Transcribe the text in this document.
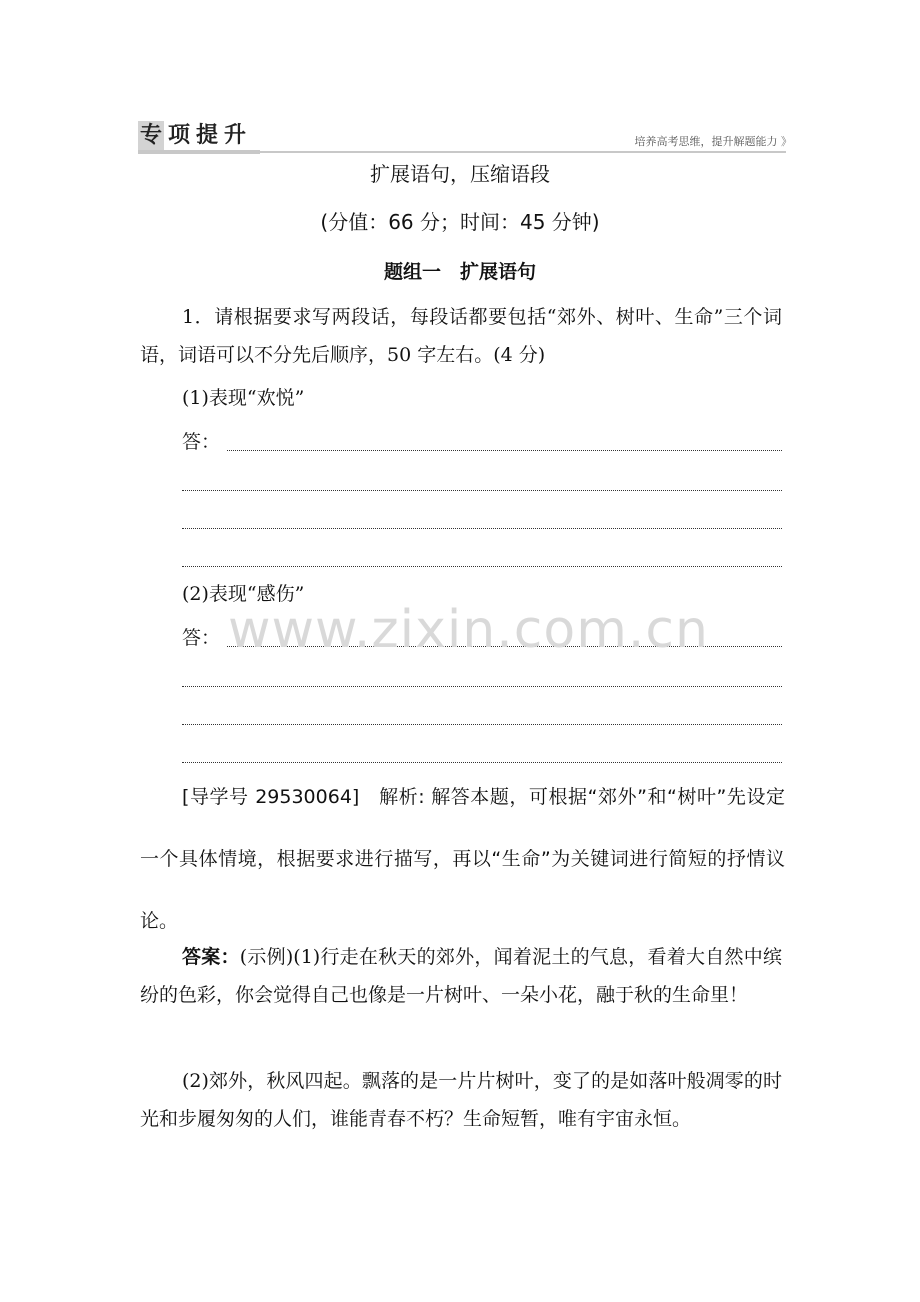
专 项提升	培养高考思维，提升解题能力 》
扩展语句，压缩语段
(分值：66 分；时间：45 分钟)
题组一　扩展语句
1．请根据要求写两段话，每段话都要包括“郊外、树叶、生命”三个词语，词语可以不分先后顺序，50 字左右。(4 分)
(1)表现“欢悦”
答：
(2)表现“感伤”
答： www.zixin.com.cn
[导学号 29530064] 解析: 解答本题，可根据“郊外”和“树叶”先设定一个具体情境，根据要求进行描写，再以“生命”为关键词进行简短的抒情议论。
答案：(示例)(1)行走在秋天的郊外，闻着泥土的气息，看着大自然中缤纷的色彩，你会觉得自己也像是一片树叶、一朵小花，融于秋的生命里！
(2)郊外，秋风四起。飘落的是一片片树叶，变了的是如落叶般凋零的时光和步履匆匆的人们，谁能青春不朽？生命短暂，唯有宇宙永恒。
